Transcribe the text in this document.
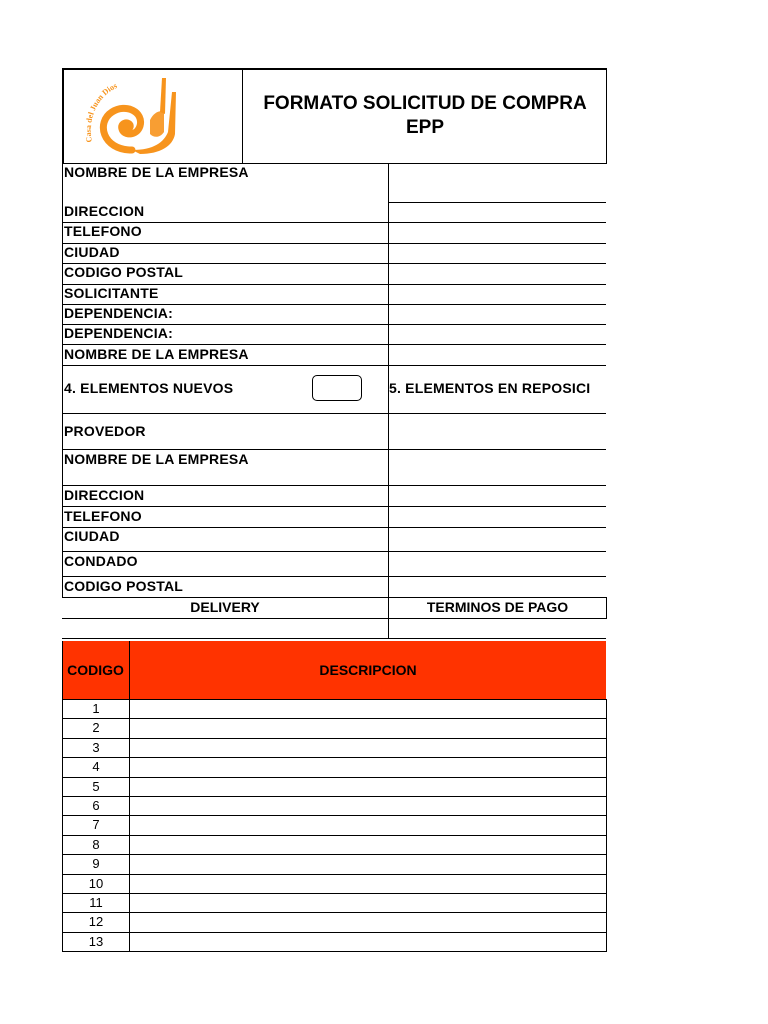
Casa del Juan Dios
FORMATO SOLICITUD DE COMPRA
EPP
NOMBRE DE LA EMPRESA
DIRECCION
TELEFONO
CIUDAD
CODIGO POSTAL
SOLICITANTE
DEPENDENCIA:
DEPENDENCIA:
NOMBRE DE LA EMPRESA
4. ELEMENTOS NUEVOS	5. ELEMENTOS EN REPOSICI
PROVEDOR
NOMBRE DE LA EMPRESA
DIRECCION
TELEFONO
CIUDAD
CONDADO
CODIGO POSTAL
DELIVERY	TERMINOS DE PAGO
CODIGO	DESCRIPCION
1
2
3
4
5
6
7
8
9
10
11
12
13
